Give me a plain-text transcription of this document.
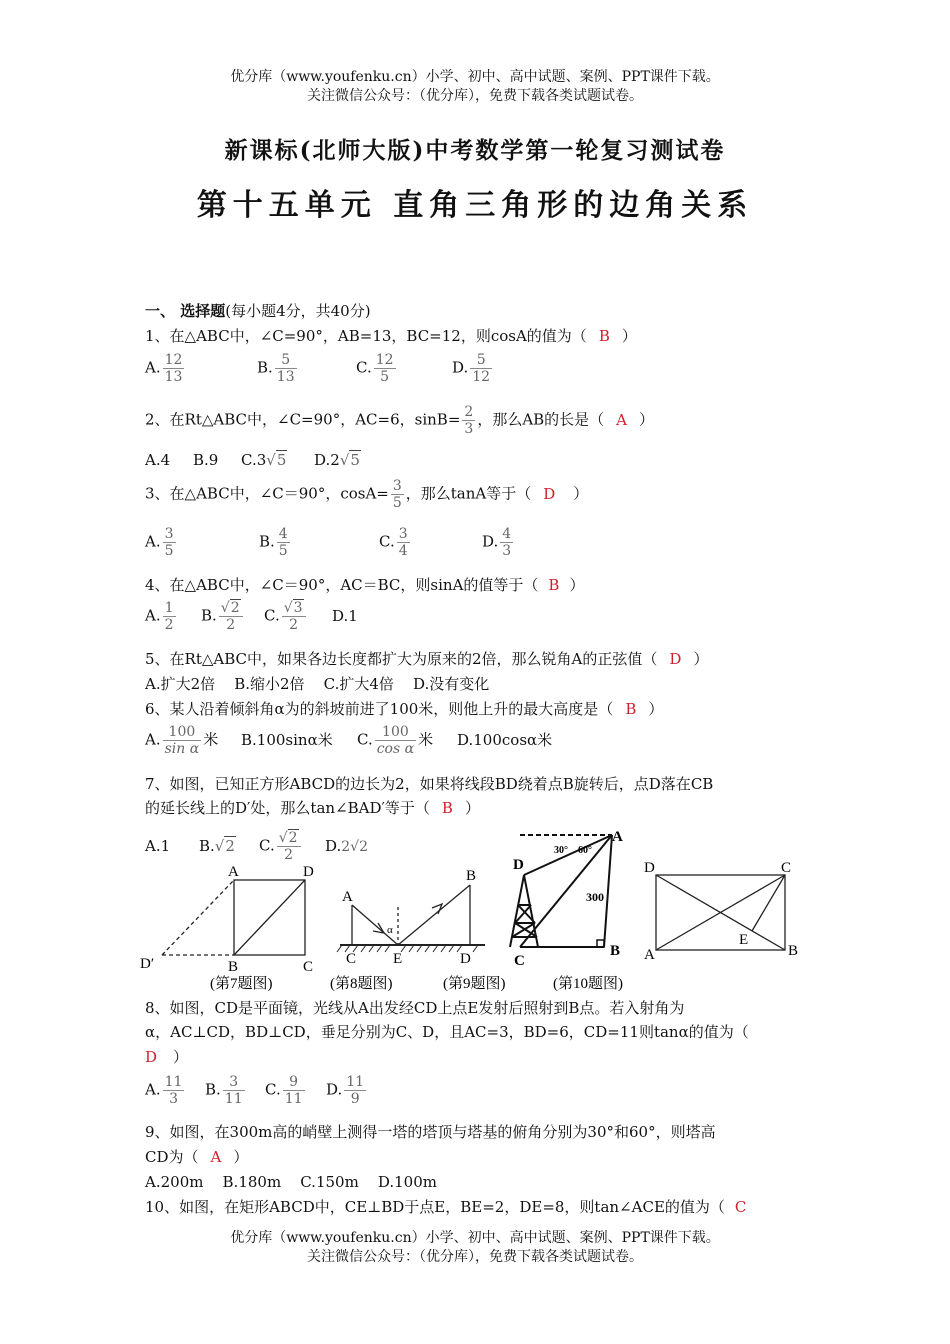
优分库（www.youfenku.cn）小学、初中、高中试题、案例、PPT课件下载。
关注微信公众号：（优分库），免费下载各类试题试卷。
新课标(北师大版)中考数学第一轮复习测试卷
第十五单元 直角三角形的边角关系
一、 选择题(每小题4分，共40分)
1、在△ABC中，∠C=90°，AB=13，BC=12，则cosA的值为（ B ）
A. $\frac{12}{13}$	B. $\frac{5}{13}$	C. $\frac{12}{5}$	D. $\frac{5}{12}$
2、在Rt△ABC中，∠C=90°，AC=6，$\sin B= \frac{2}{3}$ ，那么AB的长是（ A ）
A.4 B.9 C.3√5 D.2√5
3、在△ABC中，∠C＝90°，$\cos A= \frac{3}{5}$ ，那么tanA等于（ D ）
A. $\frac{3}{5}$	B. $\frac{4}{5}$	C. $\frac{3}{4}$	D. $\frac{4}{3}$
4、在△ABC中，∠C＝90°，AC＝BC，则sinA的值等于（ B ）
A. $\frac{1}{2} B$. $\frac{√2}{2} C$. $\frac{√3}{2} D.1$
5、在Rt△ABC中，如果各边长度都扩大为原来的2倍，那么锐角A的正弦值（ D ）
A.扩大2倍    B.缩小2倍    C.扩大4倍    D.没有变化
6、某人沿着倾斜角α为的斜坡前进了100米，则他上升的最大高度是（ B ）
A. $\frac{100}{\text{sin α}}$ 米 B.100sinα米 C. $\frac{100}{\text{cos α}}$ 米 D.100cosα米
7、如图，已知正方形ABCD的边长为2，如果将线段BD绕着点B旋转后，点D落在CB
的延长线上的D′处，那么tan∠BAD′等于（ B ）
A.1 B.√2 C. $\frac{√2}{2} D.2√2$
A	D
B	C
D′
A
B
C E	D
α
A
D
B
C
30° 60°
300
D	C
A	B
E
(第7题图)	(第8题图)	(第9题图)	(第10题图)
8、如图，CD是平面镜，光线从A出发经CD上点E发射后照射到B点。若入射角为
α，AC⊥CD，BD⊥CD，垂足分别为C、D，且AC=3，BD=6，CD=11则tanα的值为（
D ）
A. $\frac{11}{3} B$. $\frac{3}{11} C$. $\frac{9}{11} D$. $\frac{11}{9}$
9、如图，在300m高的峭壁上测得一塔的塔顶与塔基的俯角分别为30°和60°，则塔高
CD为（ A ）
A.200m    B.180m    C.150m    D.100m
10、如图，在矩形ABCD中，CE⊥BD于点E，BE=2，DE=8，则tan∠ACE的值为（ C
优分库（www.youfenku.cn）小学、初中、高中试题、案例、PPT课件下载。
关注微信公众号：（优分库），免费下载各类试题试卷。
